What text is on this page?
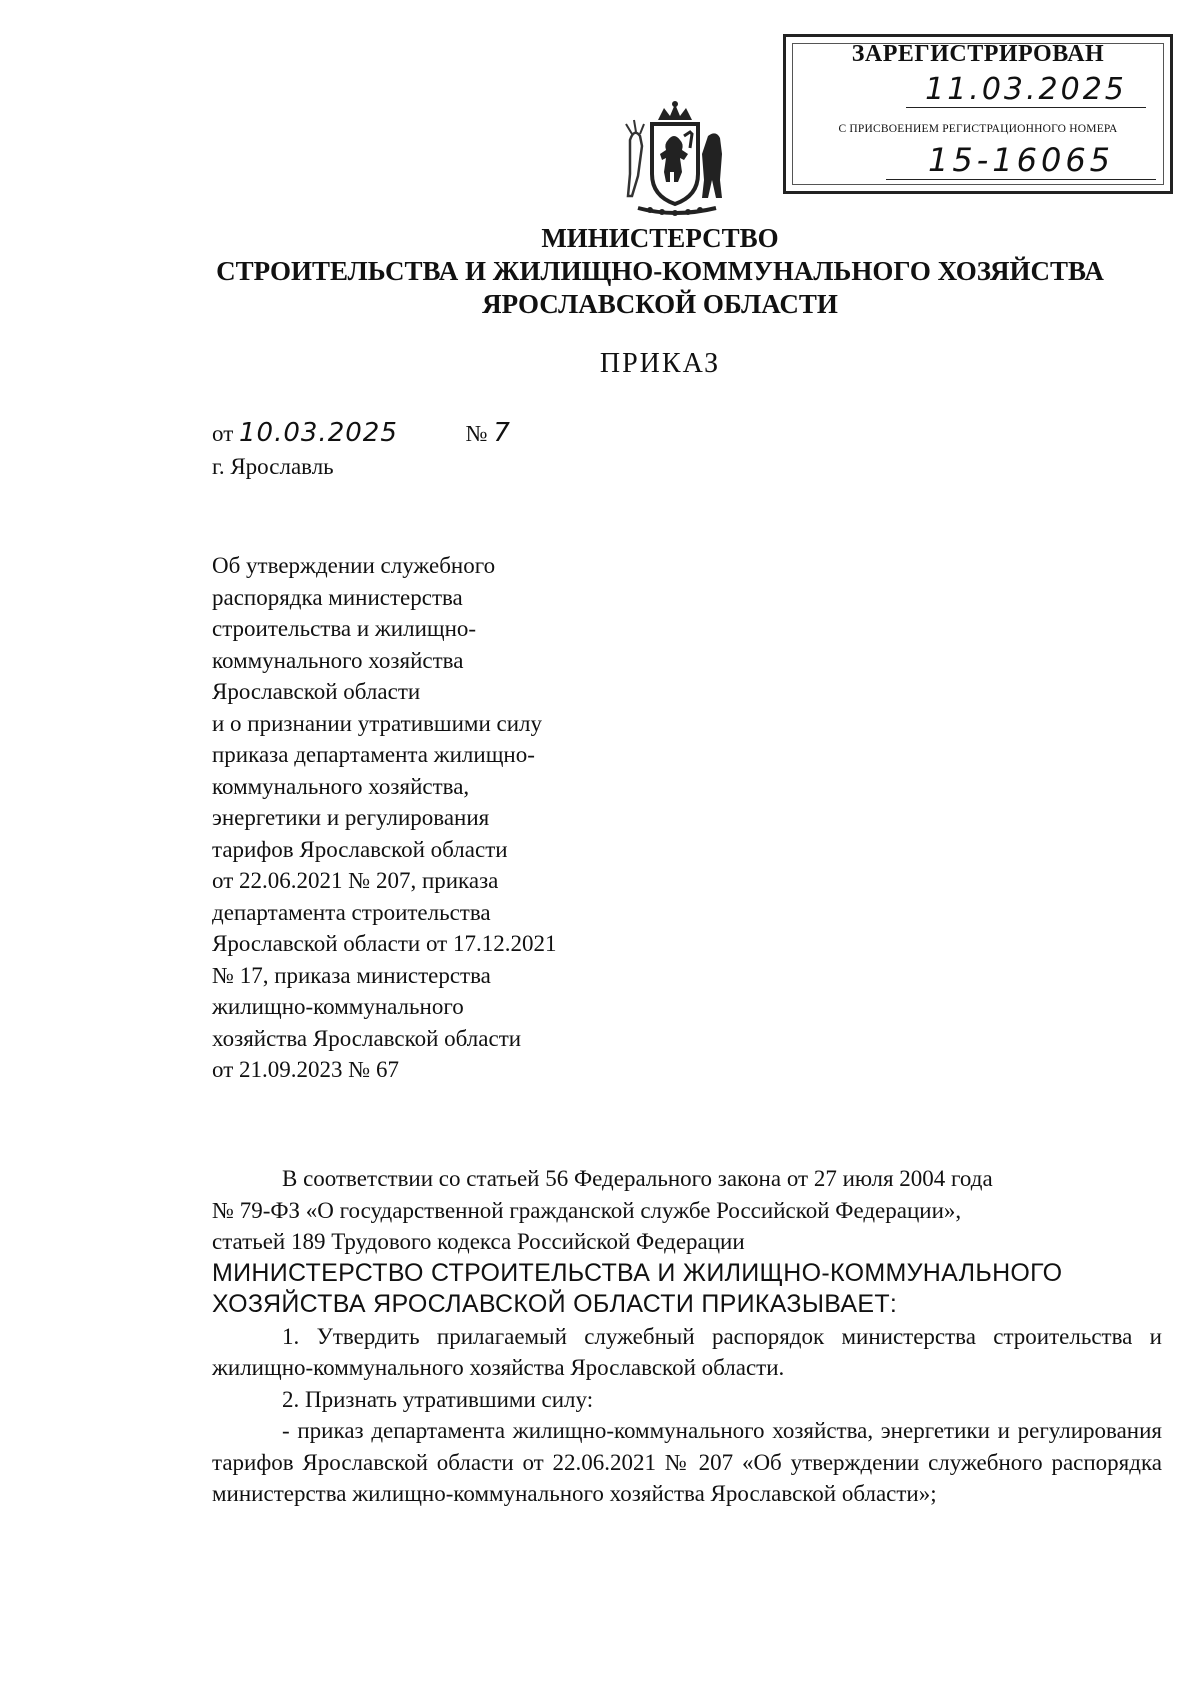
ЗАРЕГИСТРИРОВАН
11.03.2025
С ПРИСВОЕНИЕМ РЕГИСТРАЦИОННОГО НОМЕРА
15-16065
МИНИСТЕРСТВО
СТРОИТЕЛЬСТВА И ЖИЛИЩНО-КОММУНАЛЬНОГО ХОЗЯЙСТВА
ЯРОСЛАВСКОЙ ОБЛАСТИ
ПРИКАЗ
от 10.03.2025	№ 7
г. Ярославль
Об утверждении служебного
распорядка министерства
строительства и жилищно-
коммунального хозяйства
Ярославской области
и о признании утратившими силу
приказа департамента жилищно-
коммунального хозяйства,
энергетики и регулирования
тарифов Ярославской области
от 22.06.2021 № 207, приказа
департамента строительства
Ярославской области от 17.12.2021
№ 17, приказа министерства
жилищно-коммунального
хозяйства Ярославской области
от 21.09.2023 № 67
В соответствии со статьей 56 Федерального закона от 27 июля 2004 года
№ 79-ФЗ «О государственной гражданской службе Российской Федерации»,
статьей 189 Трудового кодекса Российской Федерации
МИНИСТЕРСТВО СТРОИТЕЛЬСТВА И ЖИЛИЩНО-КОММУНАЛЬНОГО
ХОЗЯЙСТВА ЯРОСЛАВСКОЙ ОБЛАСТИ ПРИКАЗЫВАЕТ:

1. Утвердить прилагаемый служебный распорядок министерства строительства и жилищно-коммунального хозяйства Ярославской области.

2. Признать утратившими силу:

- приказ департамента жилищно-коммунального хозяйства, энергетики и регулирования тарифов Ярославской области от 22.06.2021 № 207 «Об утверждении служебного распорядка министерства жилищно-коммунального хозяйства Ярославской области»;
